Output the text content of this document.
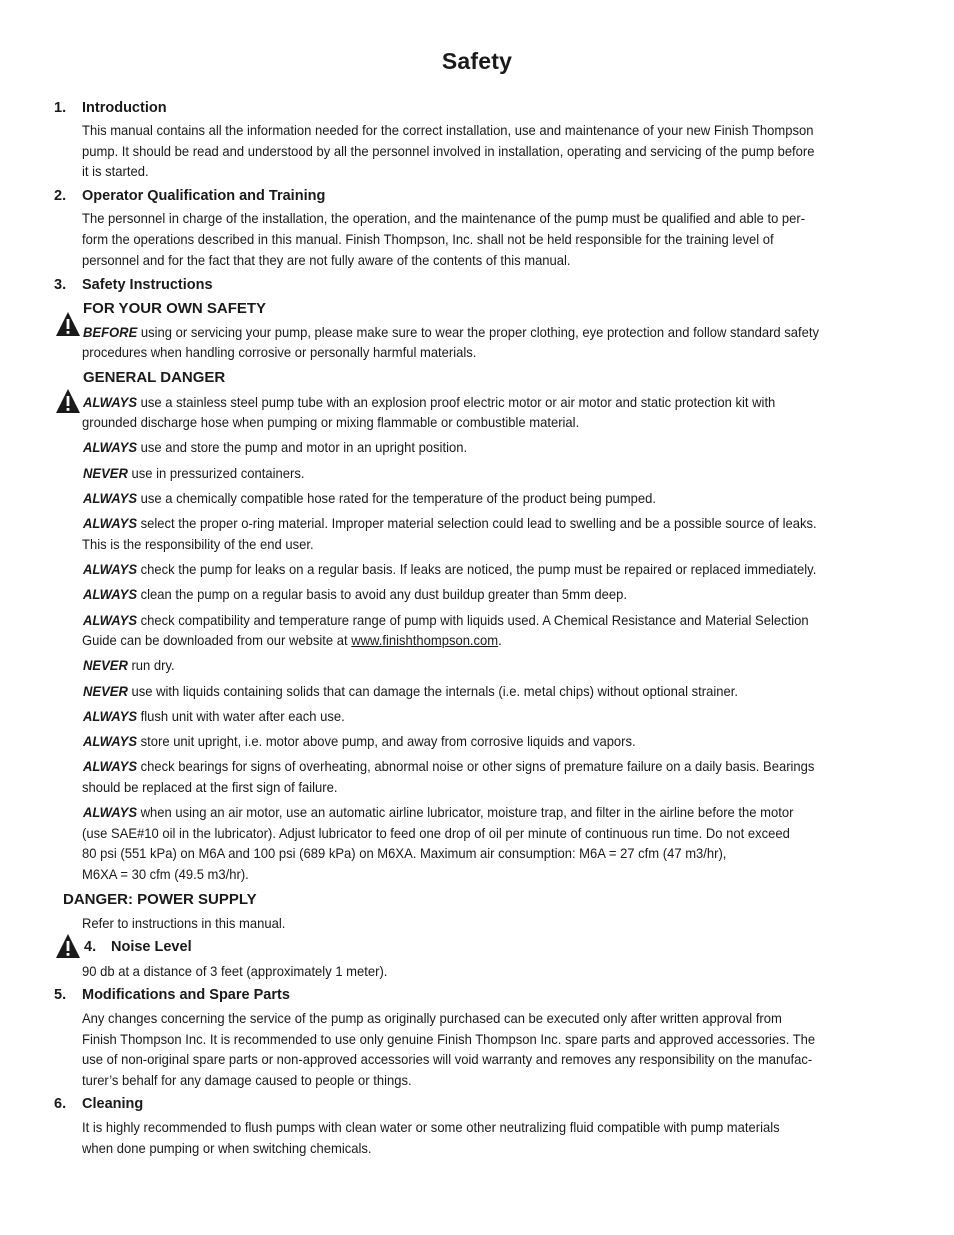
Safety
1. Introduction
This manual contains all the information needed for the correct installation, use and maintenance of your new Finish Thompson
pump. It should be read and understood by all the personnel involved in installation, operating and servicing of the pump before
it is started.
2. Operator Qualification and Training
The personnel in charge of the installation, the operation, and the maintenance of the pump must be qualified and able to per-
form the operations described in this manual. Finish Thompson, Inc. shall not be held responsible for the training level of
personnel and for the fact that they are not fully aware of the contents of this manual.
3. Safety Instructions
FOR YOUR OWN SAFETY
BEFORE using or servicing your pump, please make sure to wear the proper clothing, eye protection and follow standard safety
procedures when handling corrosive or personally harmful materials.
GENERAL DANGER
ALWAYS use a stainless steel pump tube with an explosion proof electric motor or air motor and static protection kit with
grounded discharge hose when pumping or mixing flammable or combustible material.
ALWAYS use and store the pump and motor in an upright position.
NEVER use in pressurized containers.
ALWAYS use a chemically compatible hose rated for the temperature of the product being pumped.
ALWAYS select the proper o-ring material. Improper material selection could lead to swelling and be a possible source of leaks.
This is the responsibility of the end user.
ALWAYS check the pump for leaks on a regular basis. If leaks are noticed, the pump must be repaired or replaced immediately.
ALWAYS clean the pump on a regular basis to avoid any dust buildup greater than 5mm deep.
ALWAYS check compatibility and temperature range of pump with liquids used. A Chemical Resistance and Material Selection
Guide can be downloaded from our website at www.finishthompson.com.
NEVER run dry.
NEVER use with liquids containing solids that can damage the internals (i.e. metal chips) without optional strainer.
ALWAYS flush unit with water after each use.
ALWAYS store unit upright, i.e. motor above pump, and away from corrosive liquids and vapors.
ALWAYS check bearings for signs of overheating, abnormal noise or other signs of premature failure on a daily basis. Bearings
should be replaced at the first sign of failure.
ALWAYS when using an air motor, use an automatic airline lubricator, moisture trap, and filter in the airline before the motor
(use SAE#10 oil in the lubricator). Adjust lubricator to feed one drop of oil per minute of continuous run time. Do not exceed
80 psi (551 kPa) on M6A and 100 psi (689 kPa) on M6XA. Maximum air consumption: M6A = 27 cfm (47 m3/hr),
M6XA = 30 cfm (49.5 m3/hr).
DANGER: POWER SUPPLY
Refer to instructions in this manual.
4. Noise Level
90 db at a distance of 3 feet (approximately 1 meter).
5. Modifications and Spare Parts
Any changes concerning the service of the pump as originally purchased can be executed only after written approval from
Finish Thompson Inc. It is recommended to use only genuine Finish Thompson Inc. spare parts and approved accessories. The
use of non-original spare parts or non-approved accessories will void warranty and removes any responsibility on the manufac-
turer’s behalf for any damage caused to people or things.
6. Cleaning
It is highly recommended to flush pumps with clean water or some other neutralizing fluid compatible with pump materials
when done pumping or when switching chemicals.
